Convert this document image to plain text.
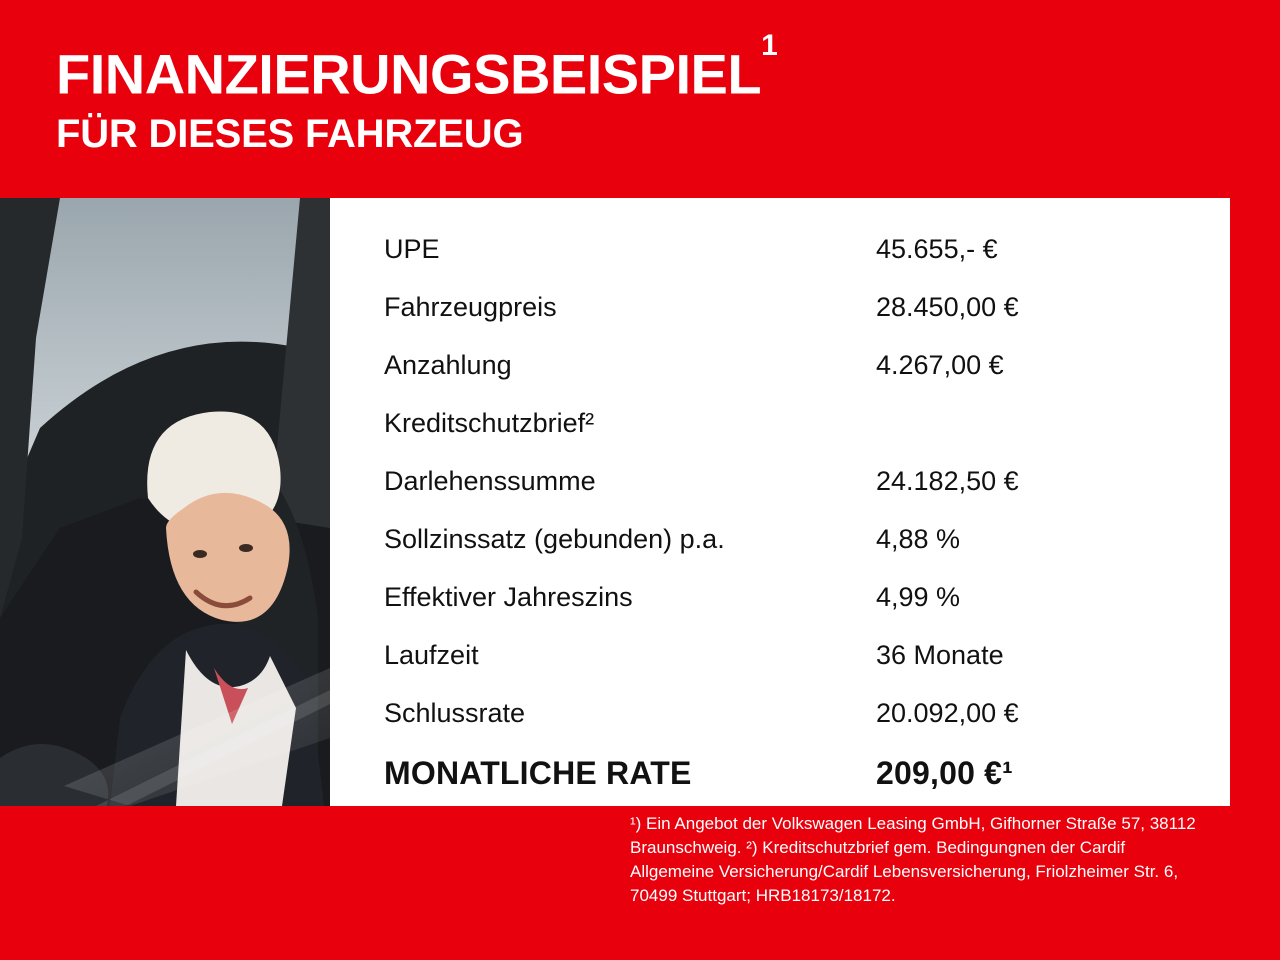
FINANZIERUNGSBEISPIEL$^1$
FÜR DIESES FAHRZEUG
UPE	45.655,- €
Fahrzeugpreis	28.450,00 €
Anzahlung	4.267,00 €
Kreditschutzbrief²	
Darlehenssumme	24.182,50 €
Sollzinssatz (gebunden) p.a.	4,88 %
Effektiver Jahreszins	4,99 %
Laufzeit	36 Monate
Schlussrate	20.092,00 €
MONATLICHE RATE	209,00 €¹
¹) Ein Angebot der Volkswagen Leasing GmbH, Gifhorner Straße 57, 38112 Braunschweig. ²) Kreditschutzbrief gem. Bedingungnen der Cardif Allgemeine Versicherung/Cardif Lebensversicherung, Friolzheimer Str. 6, 70499 Stuttgart; HRB18173/18172.
